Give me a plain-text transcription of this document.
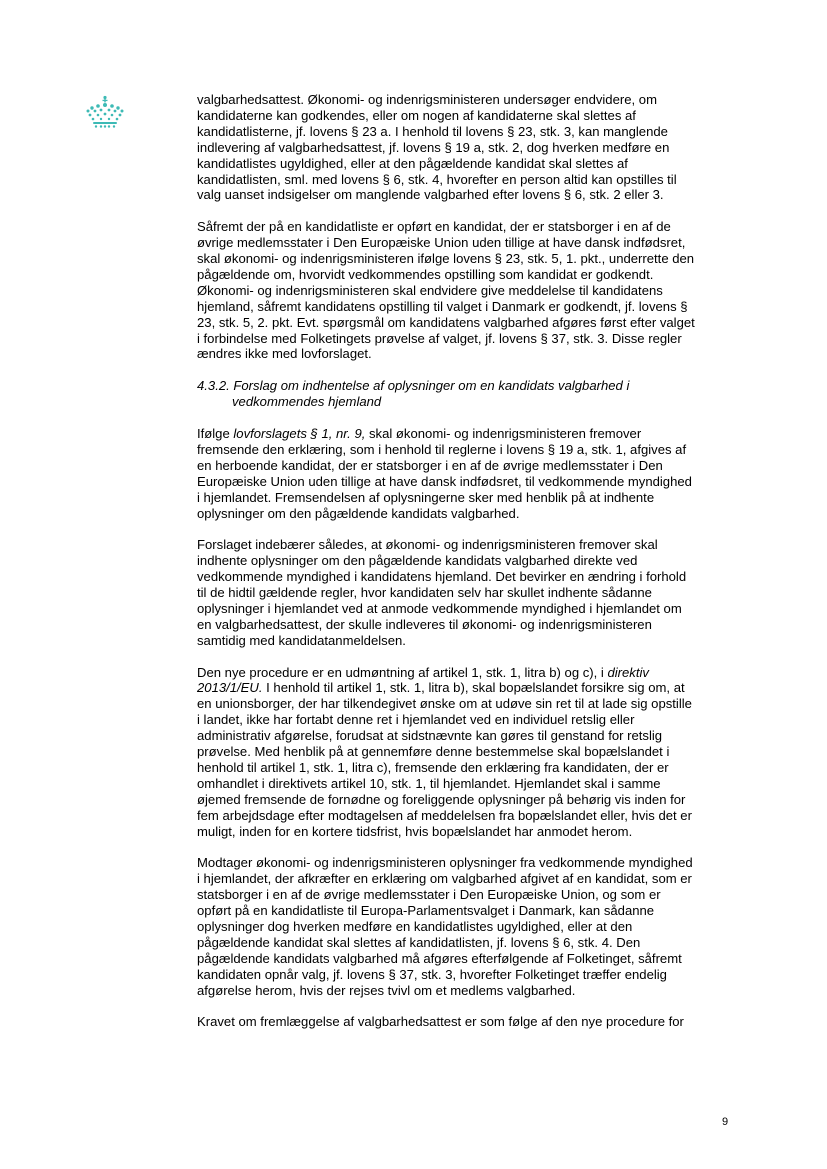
valgbarhedsattest. Økonomi- og indenrigsministeren undersøger endvidere, om
kandidaterne kan godkendes, eller om nogen af kandidaterne skal slettes af
kandidatlisterne, jf. lovens § 23 a. I henhold til lovens § 23, stk. 3, kan manglende
indlevering af valgbarhedsattest, jf. lovens § 19 a, stk. 2, dog hverken medføre en
kandidatlistes ugyldighed, eller at den pågældende kandidat skal slettes af
kandidatlisten, sml. med lovens § 6, stk. 4, hvorefter en person altid kan opstilles til
valg uanset indsigelser om manglende valgbarhed efter lovens § 6, stk. 2 eller 3.

Såfremt der på en kandidatliste er opført en kandidat, der er statsborger i en af de
øvrige medlemsstater i Den Europæiske Union uden tillige at have dansk indfødsret,
skal økonomi- og indenrigsministeren ifølge lovens § 23, stk. 5, 1. pkt., underrette den
pågældende om, hvorvidt vedkommendes opstilling som kandidat er godkendt.
Økonomi- og indenrigsministeren skal endvidere give meddelelse til kandidatens
hjemland, såfremt kandidatens opstilling til valget i Danmark er godkendt, jf. lovens §
23, stk. 5, 2. pkt. Evt. spørgsmål om kandidatens valgbarhed afgøres først efter valget
i forbindelse med Folketingets prøvelse af valget, jf. lovens § 37, stk. 3. Disse regler
ændres ikke med lovforslaget.

4.3.2. Forslag om indhentelse af oplysninger om en kandidats valgbarhed i
vedkommendes hjemland

Ifølge lovforslagets § 1, nr. 9, skal økonomi- og indenrigsministeren fremover
fremsende den erklæring, som i henhold til reglerne i lovens § 19 a, stk. 1, afgives af
en herboende kandidat, der er statsborger i en af de øvrige medlemsstater i Den
Europæiske Union uden tillige at have dansk indfødsret, til vedkommende myndighed
i hjemlandet. Fremsendelsen af oplysningerne sker med henblik på at indhente
oplysninger om den pågældende kandidats valgbarhed.

Forslaget indebærer således, at økonomi- og indenrigsministeren fremover skal
indhente oplysninger om den pågældende kandidats valgbarhed direkte ved
vedkommende myndighed i kandidatens hjemland. Det bevirker en ændring i forhold
til de hidtil gældende regler, hvor kandidaten selv har skullet indhente sådanne
oplysninger i hjemlandet ved at anmode vedkommende myndighed i hjemlandet om
en valgbarhedsattest, der skulle indleveres til økonomi- og indenrigsministeren
samtidig med kandidatanmeldelsen.

Den nye procedure er en udmøntning af artikel 1, stk. 1, litra b) og c), i direktiv
2013/1/EU. I henhold til artikel 1, stk. 1, litra b), skal bopælslandet forsikre sig om, at
en unionsborger, der har tilkendegivet ønske om at udøve sin ret til at lade sig opstille
i landet, ikke har fortabt denne ret i hjemlandet ved en individuel retslig eller
administrativ afgørelse, forudsat at sidstnævnte kan gøres til genstand for retslig
prøvelse. Med henblik på at gennemføre denne bestemmelse skal bopælslandet i
henhold til artikel 1, stk. 1, litra c), fremsende den erklæring fra kandidaten, der er
omhandlet i direktivets artikel 10, stk. 1, til hjemlandet. Hjemlandet skal i samme
øjemed fremsende de fornødne og foreliggende oplysninger på behørig vis inden for
fem arbejdsdage efter modtagelsen af meddelelsen fra bopælslandet eller, hvis det er
muligt, inden for en kortere tidsfrist, hvis bopælslandet har anmodet herom.

Modtager økonomi- og indenrigsministeren oplysninger fra vedkommende myndighed
i hjemlandet, der afkræfter en erklæring om valgbarhed afgivet af en kandidat, som er
statsborger i en af de øvrige medlemsstater i Den Europæiske Union, og som er
opført på en kandidatliste til Europa-Parlamentsvalget i Danmark, kan sådanne
oplysninger dog hverken medføre en kandidatlistes ugyldighed, eller at den
pågældende kandidat skal slettes af kandidatlisten, jf. lovens § 6, stk. 4. Den
pågældende kandidats valgbarhed må afgøres efterfølgende af Folketinget, såfremt
kandidaten opnår valg, jf. lovens § 37, stk. 3, hvorefter Folketinget træffer endelig
afgørelse herom, hvis der rejses tvivl om et medlems valgbarhed.

Kravet om fremlæggelse af valgbarhedsattest er som følge af den nye procedure for

9
